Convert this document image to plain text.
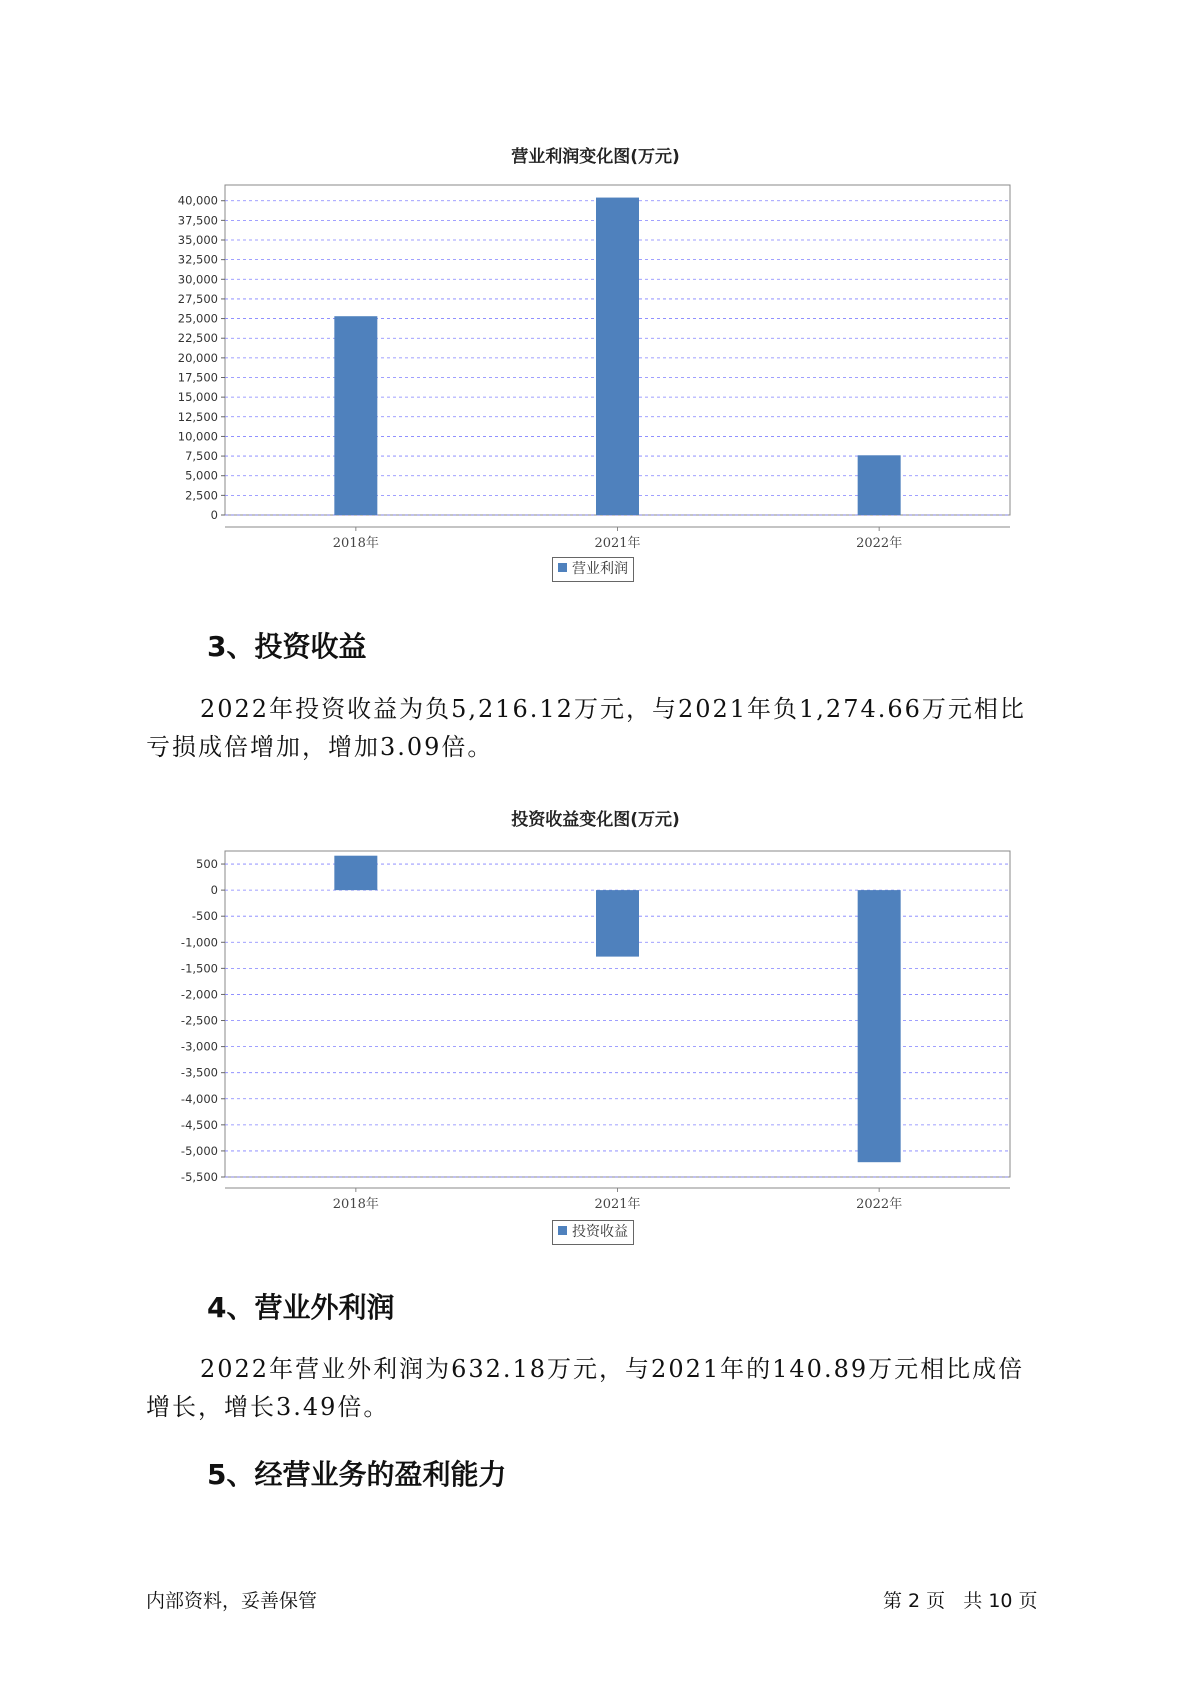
营业利润变化图(万元)
0
2,500
5,000
7,500
10,000
12,500
15,000
17,500
20,000
22,500
25,000
27,500
30,000
32,500
35,000
37,500
40,000
2018年	2021年	2022年
营业利润
3、投资收益
2022年投资收益为负5,216.12万元，与2021年负1,274.66万元相比亏损成倍增加，增加3.09倍。
投资收益变化图(万元)
500
0
-500
-1,000
-1,500
-2,000
-2,500
-3,000
-3,500
-4,000
-4,500
-5,000
-5,500
2018年	2021年	2022年
投资收益
4、营业外利润
2022年营业外利润为632.18万元，与2021年的140.89万元相比成倍增长，增长3.49倍。
5、经营业务的盈利能力
内部资料，妥善保管	第 2 页   共 10 页
